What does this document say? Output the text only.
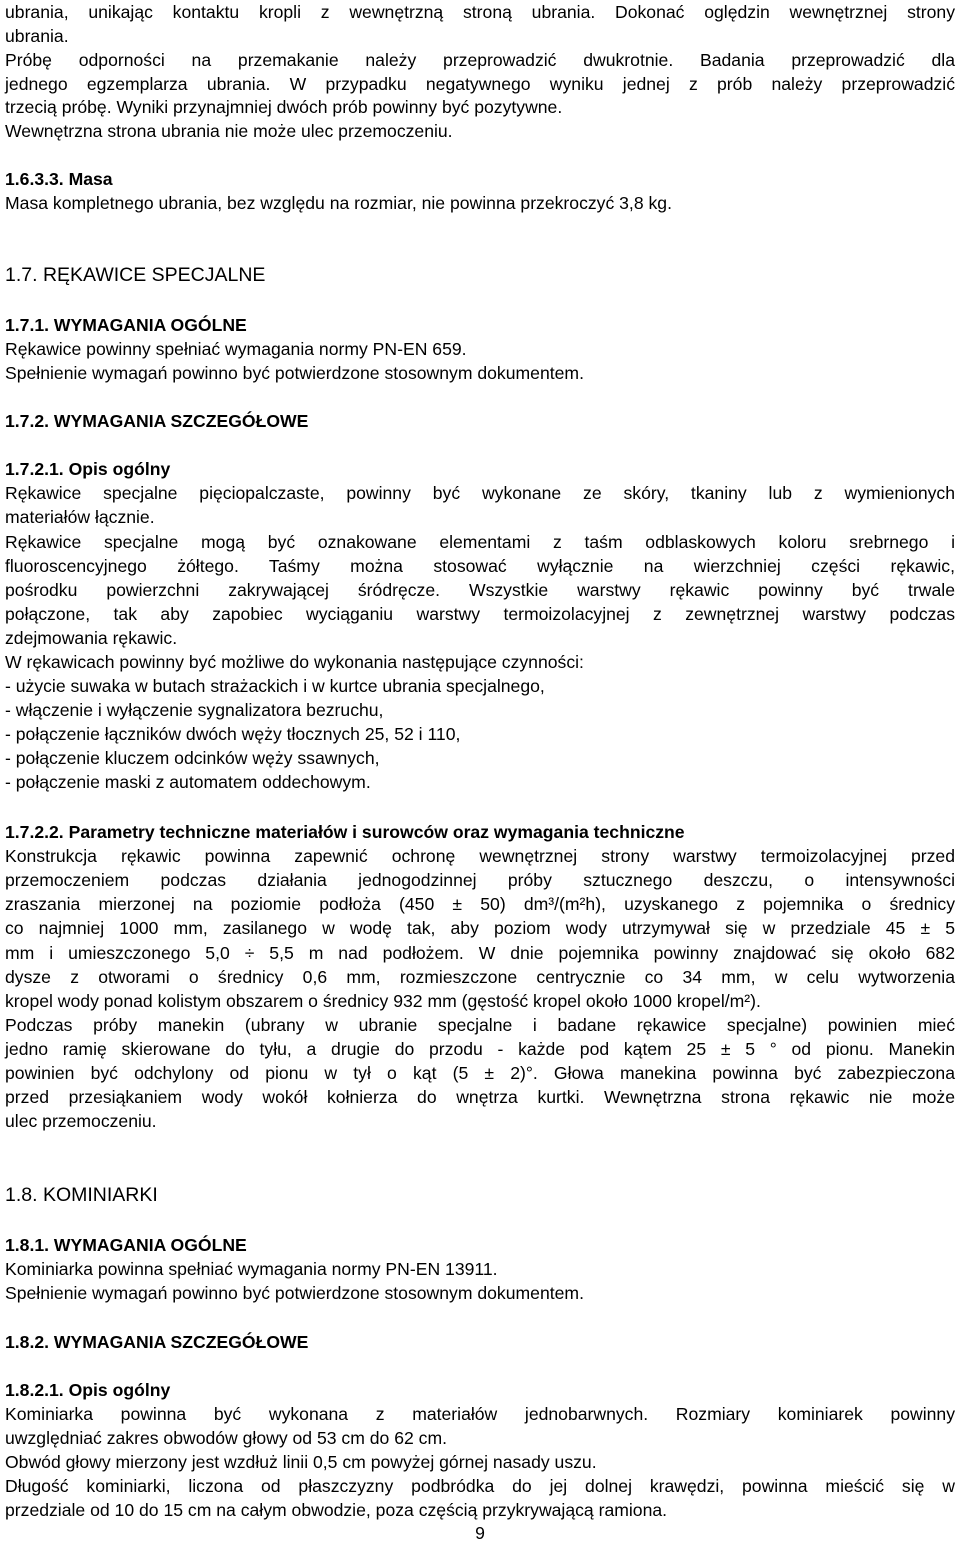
ubrania, unikając kontaktu kropli z wewnętrzną stroną ubrania. Dokonać oględzin wewnętrznej strony
ubrania.
Próbę odporności na przemakanie należy przeprowadzić dwukrotnie. Badania przeprowadzić dla
jednego egzemplarza ubrania. W przypadku negatywnego wyniku jednej z prób należy przeprowadzić
trzecią próbę. Wyniki przynajmniej dwóch prób powinny być pozytywne.
Wewnętrzna strona ubrania nie może ulec przemoczeniu.
1.6.3.3. Masa
Masa kompletnego ubrania, bez względu na rozmiar, nie powinna przekroczyć 3,8 kg.
1.7. RĘKAWICE SPECJALNE
1.7.1. WYMAGANIA OGÓLNE
Rękawice powinny spełniać wymagania normy PN-EN 659.
Spełnienie wymagań powinno być potwierdzone stosownym dokumentem.
1.7.2. WYMAGANIA SZCZEGÓŁOWE
1.7.2.1. Opis ogólny
Rękawice specjalne pięciopalczaste, powinny być wykonane ze skóry, tkaniny lub z wymienionych
materiałów łącznie.
Rękawice specjalne mogą być oznakowane elementami z taśm odblaskowych koloru srebrnego i
fluoroscencyjnego żółtego. Taśmy można stosować wyłącznie na wierzchniej części rękawic,
pośrodku powierzchni zakrywającej śródręcze. Wszystkie warstwy rękawic powinny być trwale
połączone, tak aby zapobiec wyciąganiu warstwy termoizolacyjnej z zewnętrznej warstwy podczas
zdejmowania rękawic.
W rękawicach powinny być możliwe do wykonania następujące czynności:
- użycie suwaka w butach strażackich i w kurtce ubrania specjalnego,
- włączenie i wyłączenie sygnalizatora bezruchu,
- połączenie łączników dwóch węży tłocznych 25, 52 i 110,
- połączenie kluczem odcinków węży ssawnych,
- połączenie maski z automatem oddechowym.
1.7.2.2. Parametry techniczne materiałów i surowców oraz wymagania techniczne
Konstrukcja rękawic powinna zapewnić ochronę wewnętrznej strony warstwy termoizolacyjnej przed
przemoczeniem podczas działania jednogodzinnej próby sztucznego deszczu, o intensywności
zraszania mierzonej na poziomie podłoża (450 ± 50) dm³/(m²h), uzyskanego z pojemnika o średnicy
co najmniej 1000 mm, zasilanego w wodę tak, aby poziom wody utrzymywał się w przedziale 45 ± 5
mm i umieszczonego 5,0 ÷ 5,5 m nad podłożem. W dnie pojemnika powinny znajdować się około 682
dysze z otworami o średnicy 0,6 mm, rozmieszczone centrycznie co 34 mm, w celu wytworzenia
kropel wody ponad kolistym obszarem o średnicy 932 mm (gęstość kropel około 1000 kropel/m²).
Podczas próby manekin (ubrany w ubranie specjalne i badane rękawice specjalne) powinien mieć
jedno ramię skierowane do tyłu, a drugie do przodu - każde pod kątem 25 ± 5 ° od pionu. Manekin
powinien być odchylony od pionu w tył o kąt (5 ± 2)°. Głowa manekina powinna być zabezpieczona
przed przesiąkaniem wody wokół kołnierza do wnętrza kurtki. Wewnętrzna strona rękawic nie może
ulec przemoczeniu.
1.8. KOMINIARKI
1.8.1. WYMAGANIA OGÓLNE
Kominiarka powinna spełniać wymagania normy PN-EN 13911.
Spełnienie wymagań powinno być potwierdzone stosownym dokumentem.
1.8.2. WYMAGANIA SZCZEGÓŁOWE
1.8.2.1. Opis ogólny
Kominiarka powinna być wykonana z materiałów jednobarwnych. Rozmiary kominiarek powinny
uwzględniać zakres obwodów głowy od 53 cm do 62 cm.
Obwód głowy mierzony jest wzdłuż linii 0,5 cm powyżej górnej nasady uszu.
Długość kominiarki, liczona od płaszczyzny podbródka do jej dolnej krawędzi, powinna mieścić się w
przedziale od 10 do 15 cm na całym obwodzie, poza częścią przykrywającą ramiona.
9
